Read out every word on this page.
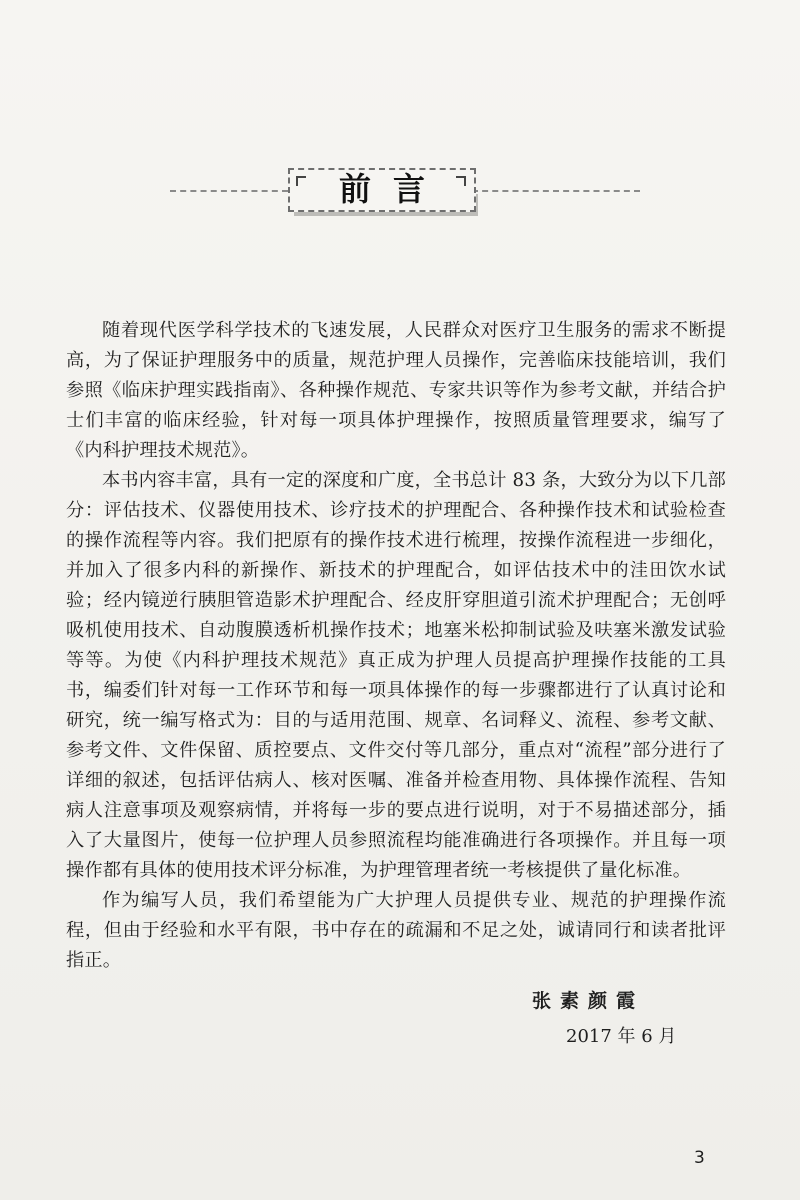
前言

随着现代医学科学技术的飞速发展，人民群众对医疗卫生服务的需求不断提高，为了保证护理服务中的质量，规范护理人员操作，完善临床技能培训，我们参照《临床护理实践指南》、各种操作规范、专家共识等作为参考文献，并结合护士们丰富的临床经验，针对每一项具体护理操作，按照质量管理要求，编写了《内科护理技术规范》。

本书内容丰富，具有一定的深度和广度，全书总计 83 条，大致分为以下几部分：评估技术、仪器使用技术、诊疗技术的护理配合、各种操作技术和试验检查的操作流程等内容。我们把原有的操作技术进行梳理，按操作流程进一步细化，并加入了很多内科的新操作、新技术的护理配合，如评估技术中的洼田饮水试验；经内镜逆行胰胆管造影术护理配合、经皮肝穿胆道引流术护理配合；无创呼吸机使用技术、自动腹膜透析机操作技术；地塞米松抑制试验及呋塞米激发试验等等。为使《内科护理技术规范》真正成为护理人员提高护理操作技能的工具书，编委们针对每一工作环节和每一项具体操作的每一步骤都进行了认真讨论和研究，统一编写格式为：目的与适用范围、规章、名词释义、流程、参考文献、参考文件、文件保留、质控要点、文件交付等几部分，重点对“流程”部分进行了详细的叙述，包括评估病人、核对医嘱、准备并检查用物、具体操作流程、告知病人注意事项及观察病情，并将每一步的要点进行说明，对于不易描述部分，插入了大量图片，使每一位护理人员参照流程均能准确进行各项操作。并且每一项操作都有具体的使用技术评分标准，为护理管理者统一考核提供了量化标准。

作为编写人员，我们希望能为广大护理人员提供专业、规范的护理操作流程，但由于经验和水平有限，书中存在的疏漏和不足之处，诚请同行和读者批评指正。

张素颜霞
2017 年 6 月
3
